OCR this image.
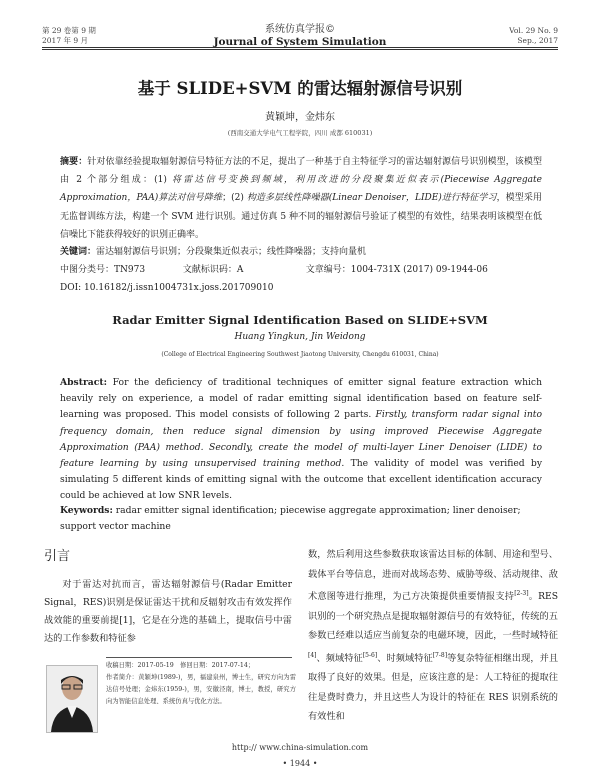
第 29 卷第 9 期
2017 年 9 月
系统仿真学报©
Journal of System Simulation
Vol. 29 No. 9
Sep., 2017
基于 SLIDE+SVM 的雷达辐射源信号识别
黄颖坤，金炜东
(西南交通大学电气工程学院，四川 成都 610031)
摘要：针对依靠经验提取辐射源信号特征方法的不足，提出了一种基于自主特征学习的雷达辐射源信号识别模型，该模型由 2 个部分组成：(1) 将雷达信号变换到频域，利用改进的分段聚集近似表示(Piecewise Aggregate Approximation，PAA)算法对信号降维；(2) 构造多层线性降噪器(Linear Denoiser，LIDE)进行特征学习，模型采用无监督训练方法，构建一个 SVM 进行识别。通过仿真 5 种不同的辐射源信号验证了模型的有效性，结果表明该模型在低信噪比下能获得较好的识别正确率。
关键词：雷达辐射源信号识别；分段聚集近似表示；线性降噪器；支持向量机
中图分类号：TN973	文献标识码：A	文章编号：1004-731X (2017) 09-1944-06
DOI: 10.16182/j.issn1004731x.joss.201709010
Radar Emitter Signal Identification Based on SLIDE+SVM
Huang Yingkun, Jin Weidong
(College of Electrical Engineering Southwest Jiaotong University, Chengdu 610031, China)
Abstract: For the deficiency of traditional techniques of emitter signal feature extraction which heavily rely on experience, a model of radar emitting signal identification based on feature self-learning was proposed. This model consists of following 2 parts. Firstly, transform radar signal into frequency domain, then reduce signal dimension by using improved Piecewise Aggregate Approximation (PAA) method. Secondly, create the model of multi-layer Liner Denoiser (LIDE) to feature learning by using unsupervised training method. The validity of model was verified by simulating 5 different kinds of emitting signal with the outcome that excellent identification accuracy could be achieved at low SNR levels.
Keywords: radar emitter signal identification; piecewise aggregate approximation; liner denoiser; support vector machine
引言
对于雷达对抗而言，雷达辐射源信号(Radar Emitter Signal，RES)识别是保证雷达干扰和反辐射攻击有效发挥作战效能的重要前提[1]，它是在分选的基础上，提取信号中雷达的工作参数和特征参
数，然后利用这些参数获取该雷达目标的体制、用途和型号、载体平台等信息，进而对战场态势、威胁等级、活动规律、敌术意图等进行推理，为己方决策提供重要情报支持[2-3]。RES 识别的一个研究热点是提取辐射源信号的有效特征，传统的五参数已经难以适应当前复杂的电磁环境，因此，一些时域特征[4]、频域特征[5-6]、时频域特征[7-8]等复杂特征相继出现，并且取得了良好的效果。但是，应该注意的是：人工特征的提取往往是费时费力，并且这些人为设计的特征在 RES 识别系统的有效性和
收稿日期：2017-05-19　修回日期：2017-07-14；
作者简介：黄颖坤(1989-)，男，福建泉州，博士生，研究方向为雷达信号处理；金炜东(1959-)，男，安徽泾南，博士，教授，研究方向为智能信息处理、系统仿真与优化方法。
http:// www.china-simulation.com
• 1944 •
